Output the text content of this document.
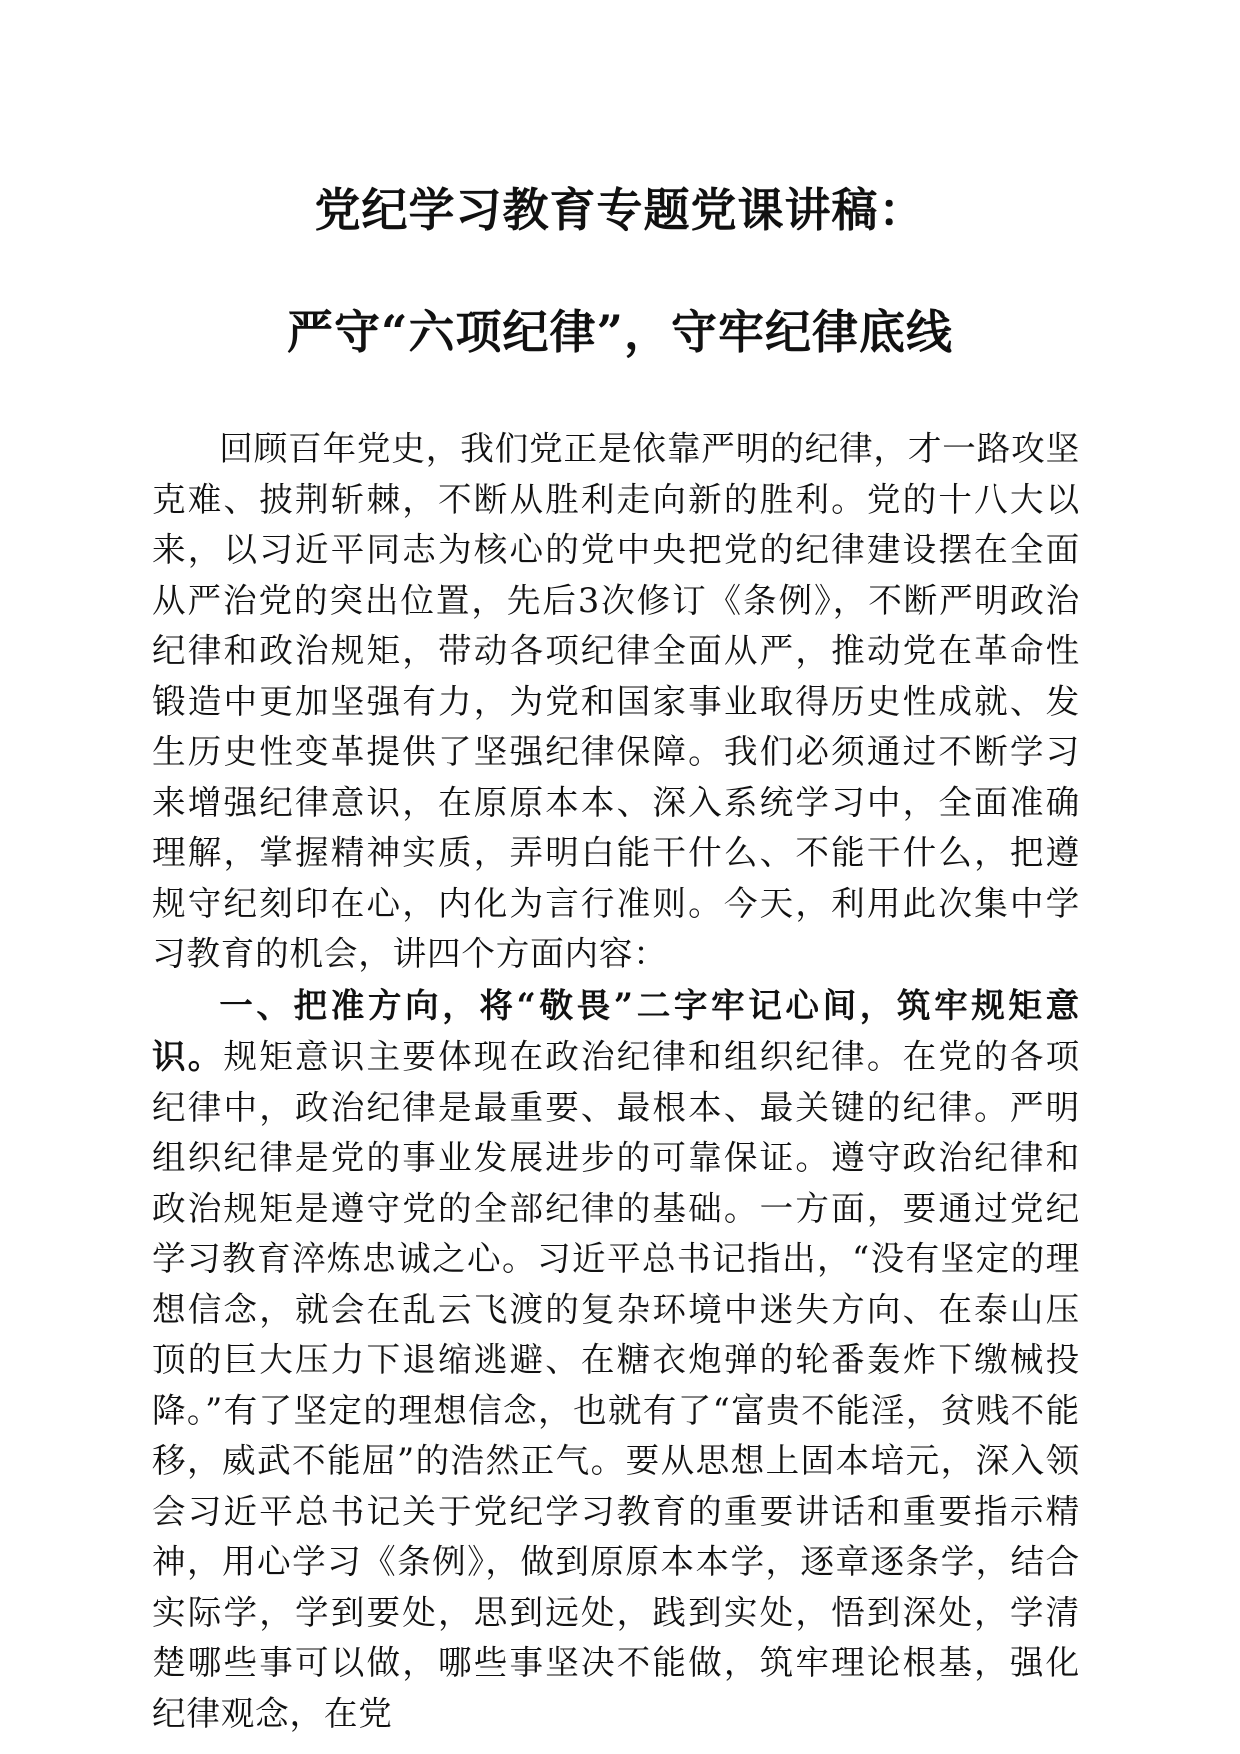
党纪学习教育专题党课讲稿：
严守“六项纪律”，守牢纪律底线

回顾百年党史，我们党正是依靠严明的纪律，才一路攻坚克难、披荆斩棘，不断从胜利走向新的胜利。党的十八大以来，以习近平同志为核心的党中央把党的纪律建设摆在全面从严治党的突出位置，先后3次修订《条例》，不断严明政治纪律和政治规矩，带动各项纪律全面从严，推动党在革命性锻造中更加坚强有力，为党和国家事业取得历史性成就、发生历史性变革提供了坚强纪律保障。我们必须通过不断学习来增强纪律意识，在原原本本、深入系统学习中，全面准确理解，掌握精神实质，弄明白能干什么、不能干什么，把遵规守纪刻印在心，内化为言行准则。今天，利用此次集中学习教育的机会，讲四个方面内容：

一、把准方向，将“敬畏”二字牢记心间，筑牢规矩意识。规矩意识主要体现在政治纪律和组织纪律。在党的各项纪律中，政治纪律是最重要、最根本、最关键的纪律。严明组织纪律是党的事业发展进步的可靠保证。遵守政治纪律和政治规矩是遵守党的全部纪律的基础。一方面，要通过党纪学习教育淬炼忠诚之心。习近平总书记指出，“没有坚定的理想信念，就会在乱云飞渡的复杂环境中迷失方向、在泰山压顶的巨大压力下退缩逃避、在糖衣炮弹的轮番轰炸下缴械投降。”有了坚定的理想信念，也就有了“富贵不能淫，贫贱不能移，威武不能屈”的浩然正气。要从思想上固本培元，深入领会习近平总书记关于党纪学习教育的重要讲话和重要指示精神，用心学习《条例》，做到原原本本学，逐章逐条学，结合实际学，学到要处，思到远处，践到实处，悟到深处，学清楚哪些事可以做，哪些事坚决不能做，筑牢理论根基，强化纪律观念，在党
